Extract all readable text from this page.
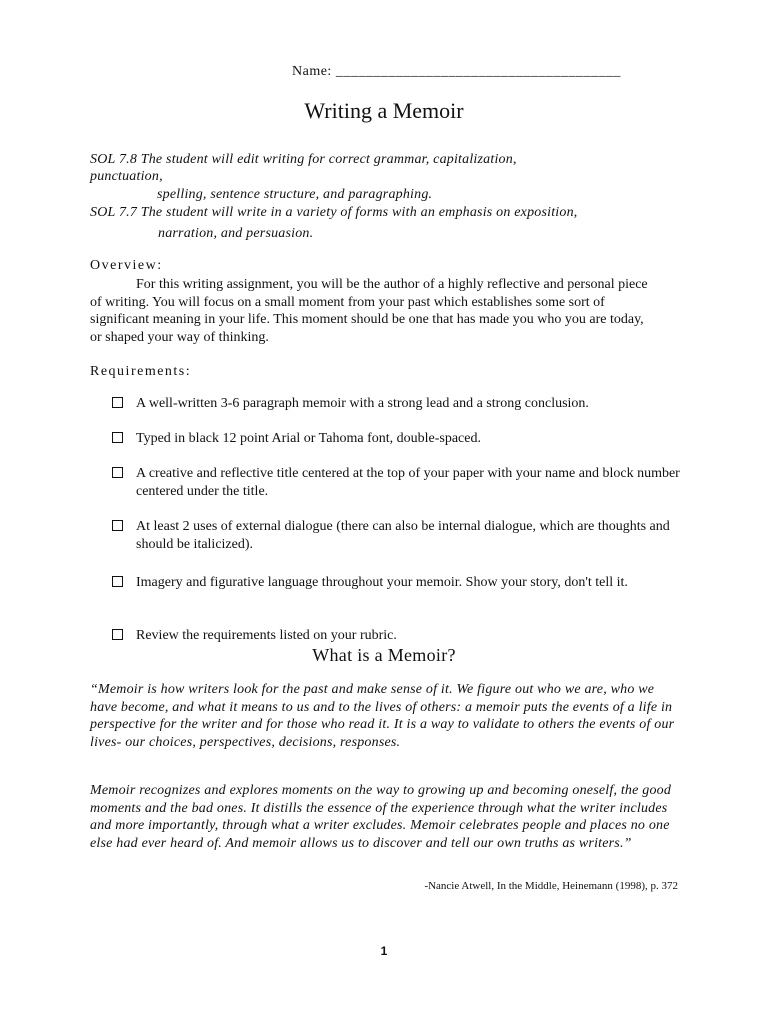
Name: ______________________________________
Writing a Memoir
SOL 7.8 The student will edit writing for correct grammar, capitalization,
punctuation,
spelling, sentence structure, and paragraphing.
SOL 7.7 The student will write in a variety of forms with an emphasis on exposition,
narration, and persuasion.
Overview:
For this writing assignment, you will be the author of a highly reflective and personal piece of writing. You will focus on a small moment from your past which establishes some sort of significant meaning in your life. This moment should be one that has made you who you are today, or shaped your way of thinking.
Requirements:
A well-written 3-6 paragraph memoir with a strong lead and a strong conclusion.
Typed in black 12 point Arial or Tahoma font, double-spaced.
A creative and reflective title centered at the top of your paper with your name and block number centered under the title.
At least 2 uses of external dialogue (there can also be internal dialogue, which are thoughts and should be italicized).
Imagery and figurative language throughout your memoir. Show your story, don't tell it.
Review the requirements listed on your rubric.
What is a Memoir?
“Memoir is how writers look for the past and make sense of it. We figure out who we are, who we have become, and what it means to us and to the lives of others: a memoir puts the events of a life in perspective for the writer and for those who read it. It is a way to validate to others the events of our lives- our choices, perspectives, decisions, responses.
Memoir recognizes and explores moments on the way to growing up and becoming oneself, the good moments and the bad ones. It distills the essence of the experience through what the writer includes and more importantly, through what a writer excludes. Memoir celebrates people and places no one else had ever heard of. And memoir allows us to discover and tell our own truths as writers.”
-Nancie Atwell, In the Middle, Heinemann (1998), p. 372
1
